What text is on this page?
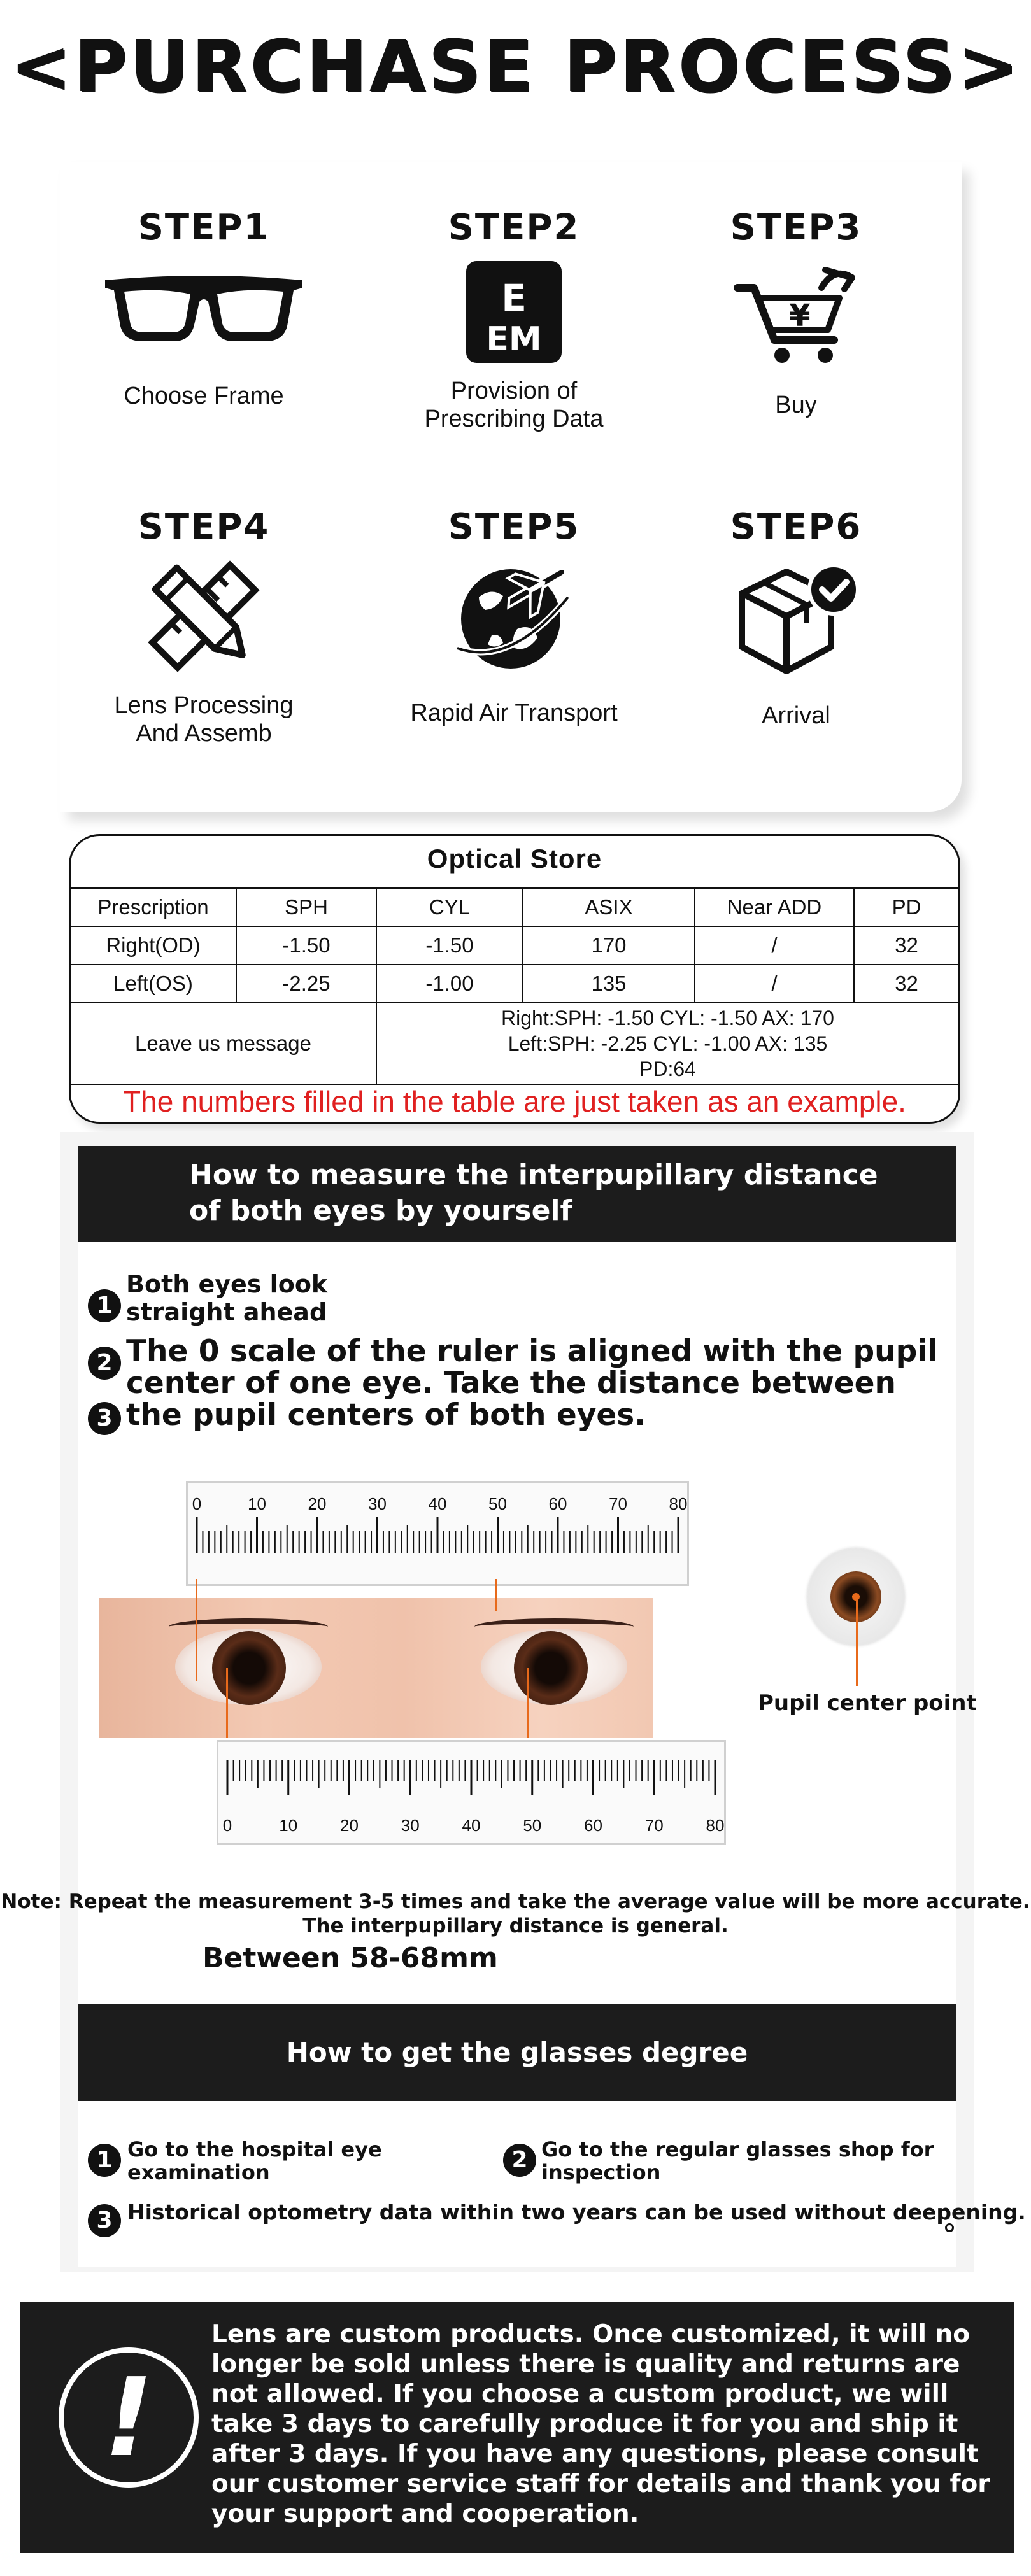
<PURCHASE PROCESS>
STEP1
Choose Frame
STEP2
E
EM
Provision of
Prescribing Data
STEP3
¥
Buy
STEP4
Lens Processing
And Assemb
STEP5
Rapid Air Transport
STEP6
Arrival
Optical Store
Prescription	SPH	CYL	ASIX	Near ADD	PD
Right(OD)	-1.50	-1.50	170	/	32
Left(OS)	-2.25	-1.00	135	/	32
Leave us message		Right:SPH: -1.50 CYL: -1.50 AX: 170
Left:SPH: -2.25 CYL: -1.00 AX: 135
PD:64			
The numbers filled in the table are just taken as an example.
How to measure the interpupillary distance
of both eyes by yourself
1
Both eyes look
straight ahead
2 The 0 scale of the ruler is aligned with the pupil
center of one eye. Take the distance between
3 the pupil centers of both eyes.
0	10	20	30	40	50	60	70	80
0	10	20	30	40	50	60	70	80
Pupil center point
Note: Repeat the measurement 3-5 times and take the average value will be more accurate.
The interpupillary distance is general.
Between 58-68mm
How to get the glasses degree
1 Go to the hospital eye
examination	2 Go to the regular glasses shop for
inspection
3 Historical optometry data within two years can be used without deepening.
!
Lens are custom products. Once customized, it will no longer be sold unless there is quality and returns are not allowed. If you choose a custom product, we will take 3 days to carefully produce it for you and ship it after 3 days. If you have any questions, please consult our customer service staff for details and thank you for your support and cooperation.
